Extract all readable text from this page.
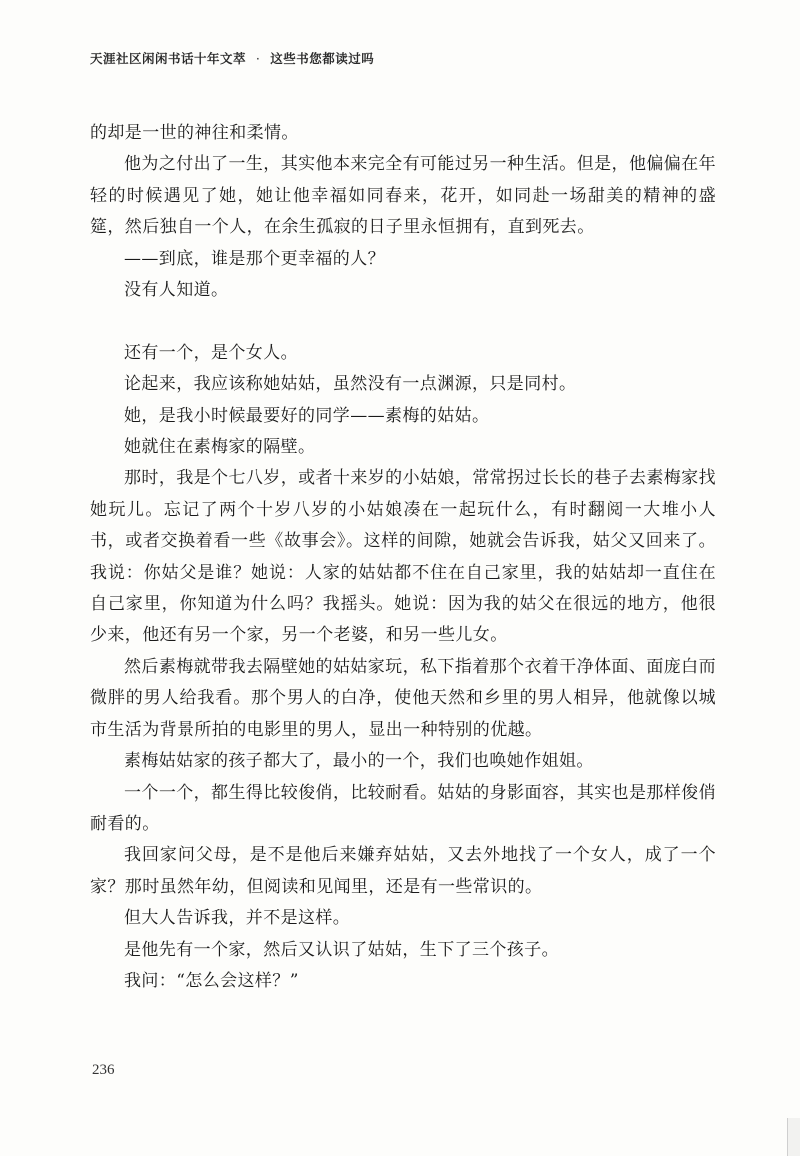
天涯社区闲闲书话十年文萃 · 这些书您都读过吗

的却是一世的神往和柔情。

他为之付出了一生，其实他本来完全有可能过另一种生活。但是，他偏偏在年轻的时候遇见了她，她让他幸福如同春来，花开，如同赴一场甜美的精神的盛筵，然后独自一个人，在余生孤寂的日子里永恒拥有，直到死去。

——到底，谁是那个更幸福的人？

没有人知道。

还有一个，是个女人。

论起来，我应该称她姑姑，虽然没有一点渊源，只是同村。

她，是我小时候最要好的同学——素梅的姑姑。

她就住在素梅家的隔壁。

那时，我是个七八岁，或者十来岁的小姑娘，常常拐过长长的巷子去素梅家找她玩儿。忘记了两个十岁八岁的小姑娘凑在一起玩什么，有时翻阅一大堆小人书，或者交换着看一些《故事会》。这样的间隙，她就会告诉我，姑父又回来了。我说：你姑父是谁？她说：人家的姑姑都不住在自己家里，我的姑姑却一直住在自己家里，你知道为什么吗？我摇头。她说：因为我的姑父在很远的地方，他很少来，他还有另一个家，另一个老婆，和另一些儿女。

然后素梅就带我去隔壁她的姑姑家玩，私下指着那个衣着干净体面、面庞白而微胖的男人给我看。那个男人的白净，使他天然和乡里的男人相异，他就像以城市生活为背景所拍的电影里的男人，显出一种特别的优越。

素梅姑姑家的孩子都大了，最小的一个，我们也唤她作姐姐。

一个一个，都生得比较俊俏，比较耐看。姑姑的身影面容，其实也是那样俊俏耐看的。

我回家问父母，是不是他后来嫌弃姑姑，又去外地找了一个女人，成了一个家？那时虽然年幼，但阅读和见闻里，还是有一些常识的。

但大人告诉我，并不是这样。

是他先有一个家，然后又认识了姑姑，生下了三个孩子。

我问：“怎么会这样？”

236
